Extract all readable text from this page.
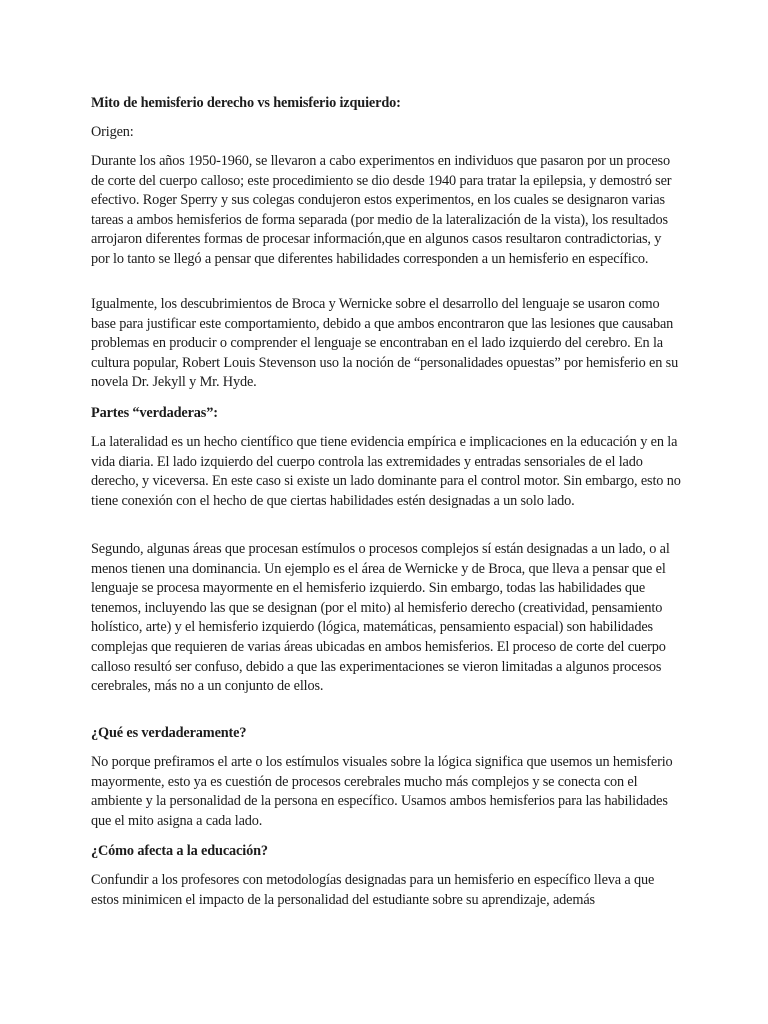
Mito de hemisferio derecho vs hemisferio izquierdo:

Origen:

Durante los años 1950-1960, se llevaron a cabo experimentos en individuos que pasaron por un proceso de corte del cuerpo calloso; este procedimiento se dio desde 1940 para tratar la epilepsia, y demostró ser efectivo. Roger Sperry y sus colegas condujeron estos experimentos, en los cuales se designaron varias tareas a ambos hemisferios de forma separada (por medio de la lateralización de la vista), los resultados arrojaron diferentes formas de procesar información,que en algunos casos resultaron contradictorias, y por lo tanto se llegó a pensar que diferentes habilidades corresponden a un hemisferio en específico.

Igualmente, los descubrimientos de Broca y Wernicke sobre el desarrollo del lenguaje se usaron como base para justificar este comportamiento, debido a que ambos encontraron que las lesiones que causaban problemas en producir o comprender el lenguaje se encontraban en el lado izquierdo del cerebro. En la cultura popular, Robert Louis Stevenson uso la noción de “personalidades opuestas” por hemisferio en su novela Dr. Jekyll y Mr. Hyde.

Partes “verdaderas”:

La lateralidad es un hecho científico que tiene evidencia empírica e implicaciones en la educación y en la vida diaria. El lado izquierdo del cuerpo controla las extremidades y entradas sensoriales de el lado derecho, y viceversa. En este caso si existe un lado dominante para el control motor. Sin embargo, esto no tiene conexión con el hecho de que ciertas habilidades estén designadas a un solo lado.

Segundo, algunas áreas que procesan estímulos o procesos complejos sí están designadas a un lado, o al menos tienen una dominancia. Un ejemplo es el área de Wernicke y de Broca, que lleva a pensar que el lenguaje se procesa mayormente en el hemisferio izquierdo. Sin embargo, todas las habilidades que tenemos, incluyendo las que se designan (por el mito) al hemisferio derecho (creatividad, pensamiento holístico, arte) y el hemisferio izquierdo (lógica, matemáticas, pensamiento espacial) son habilidades complejas que requieren de varias áreas ubicadas en ambos hemisferios. El proceso de corte del cuerpo calloso resultó ser confuso, debido a que las experimentaciones se vieron limitadas a algunos procesos cerebrales, más no a un conjunto de ellos.

¿Qué es verdaderamente?

No porque prefiramos el arte o los estímulos visuales sobre la lógica significa que usemos un hemisferio mayormente, esto ya es cuestión de procesos cerebrales mucho más complejos y se conecta con el ambiente y la personalidad de la persona en específico. Usamos ambos hemisferios para las habilidades que el mito asigna a cada lado.

¿Cómo afecta a la educación?

Confundir a los profesores con metodologías designadas para un hemisferio en específico lleva a que estos minimicen el impacto de la personalidad del estudiante sobre su aprendizaje, además
